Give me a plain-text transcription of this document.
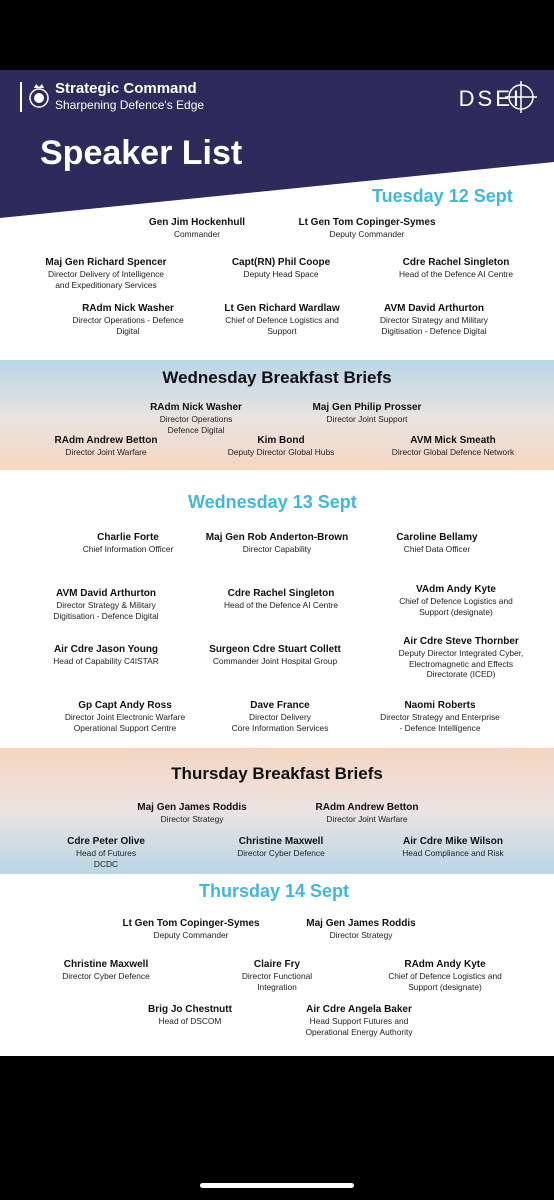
Strategic Command
Sharpening Defence's Edge	DSEI
Speaker List
Tuesday 12 Sept
Gen Jim Hockenhull
Commander
Lt Gen Tom Copinger-Symes
Deputy Commander
Maj Gen Richard Spencer
Director Delivery of Intelligence
and Expeditionary Services
Capt(RN) Phil Coope
Deputy Head Space
Cdre Rachel Singleton
Head of the Defence AI Centre
RAdm Nick Washer
Director Operations - Defence
Digital
Lt Gen Richard Wardlaw
Chief of Defence Logistics and
Support
AVM David Arthurton
Director Strategy and Military
Digitisation - Defence Digital
Wednesday Breakfast Briefs
RAdm Nick Washer
Director Operations
Defence Digital
Maj Gen Philip Prosser
Director Joint Support
RAdm Andrew Betton
Director Joint Warfare
Kim Bond
Deputy Director Global Hubs
AVM Mick Smeath
Director Global Defence Network
Wednesday 13 Sept
Charlie Forte
Chief Information Officer
Maj Gen Rob Anderton-Brown
Director Capability
Caroline Bellamy
Chief Data Officer
AVM David Arthurton
Director Strategy & Military
Digitisation - Defence Digital
Cdre Rachel Singleton
Head of the Defence AI Centre
VAdm Andy Kyte
Chief of Defence Logistics and
Support (designate)
Air Cdre Jason Young
Head of Capability C4ISTAR
Surgeon Cdre Stuart Collett
Commander Joint Hospital Group
Air Cdre Steve Thornber
Deputy Director Integrated Cyber,
Electromagnetic and Effects
Directorate (ICED)
Gp Capt Andy Ross
Director Joint Electronic Warfare
Operational Support Centre
Dave France
Director Delivery
Core Information Services
Naomi Roberts
Director Strategy and Enterprise
- Defence Intelligence
Thursday Breakfast Briefs
Maj Gen James Roddis
Director Strategy
RAdm Andrew Betton
Director Joint Warfare
Cdre Peter Olive
Head of Futures
DCDC
Christine Maxwell
Director Cyber Defence
Air Cdre Mike Wilson
Head Compliance and Risk
Thursday 14 Sept
Lt Gen Tom Copinger-Symes
Deputy Commander
Maj Gen James Roddis
Director Strategy
Christine Maxwell
Director Cyber Defence
Claire Fry
Director Functional
Integration
RAdm Andy Kyte
Chief of Defence Logistics and
Support (designate)
Brig Jo Chestnutt
Head of DSCOM
Air Cdre Angela Baker
Head Support Futures and
Operational Energy Authority
